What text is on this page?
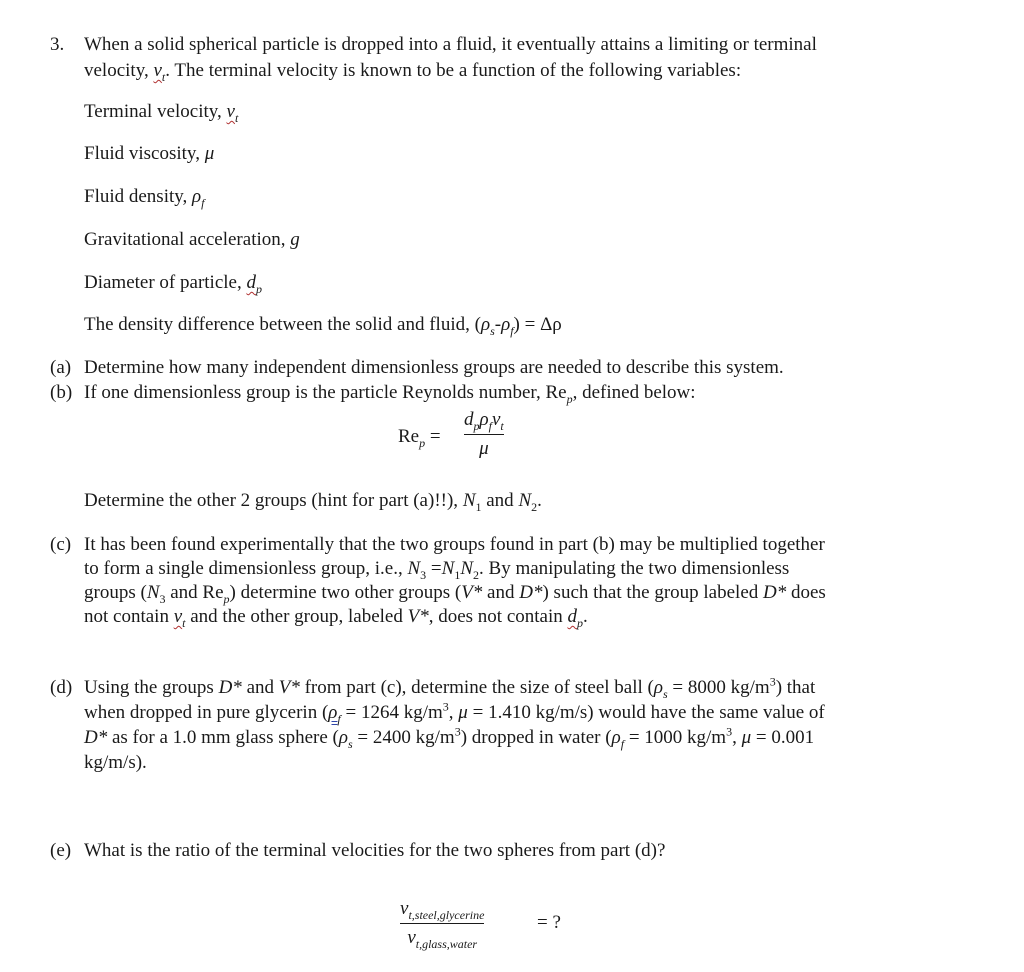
3. When a solid spherical particle is dropped into a fluid, it eventually attains a limiting or terminal
velocity, $v_t$. The terminal velocity is known to be a function of the following variables:
Terminal velocity, $v_t$
Fluid viscosity, μ
Fluid density, $\rho_f$
Gravitational acceleration, g
Diameter of particle, $d_p$
The density difference between the solid and fluid, $(\rho_s-\rho_f) = \Delta\rho$
(a) Determine how many independent dimensionless groups are needed to describe this system.
(b) If one dimensionless group is the particle Reynolds number, $Re_p$, defined below:
$Re_p$ =
$d_p\rho_fv_t$
μ
Determine the other 2 groups (hint for part (a)!!), $N_1$ and $N_2$.
(c) It has been found experimentally that the two groups found in part (b) may be multiplied together
to form a single dimensionless group, i.e., $N_3 =N_1N_2$. By manipulating the two dimensionless
groups ($N_3$ and $Re_p$) determine two other groups (V* and D*) such that the group labeled D* does
not contain $v_t$ and the other group, labeled V*, does not contain $d_p$.
(d) Using the groups D* and V* from part (c), determine the size of steel ball ($\rho_s = 8000$ $kg/m^3$) that
when dropped in pure glycerin ($\rho_f = 1264$ $kg/m^3$, μ = 1.410 kg/m/s) would have the same value of
D* as for a 1.0 mm glass sphere ($\rho_s = 2400$ $kg/m^3$) dropped in water ($\rho_f = 1000$ $kg/m^3$, μ = 0.001
kg/m/s).
(e) What is the ratio of the terminal velocities for the two spheres from part (d)?
$v_{t,steel,glycerine}$
$v_{t,glass,water}$
= ?
